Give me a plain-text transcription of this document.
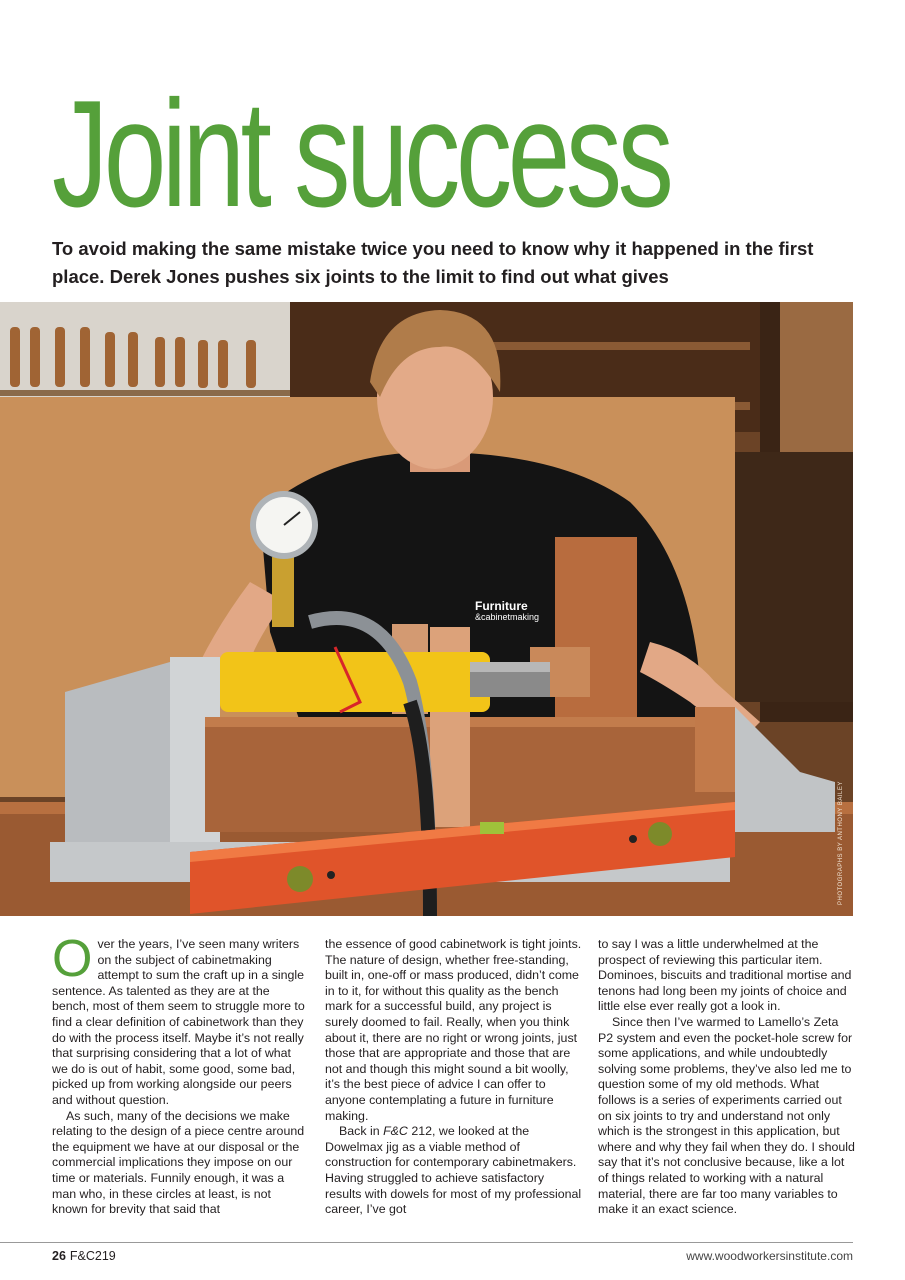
Joint success

To avoid making the same mistake twice you need to know why it happened in the first place. Derek Jones pushes six joints to the limit to find out what gives

Furniture
&cabinetmaking
PHOTOGRAPHS BY ANTHONY BAILEY

Over the years, I’ve seen many writers on the subject of cabinetmaking attempt to sum the craft up in a single sentence. As talented as they are at the bench, most of them seem to struggle more to find a clear definition of cabinetwork than they do with the process itself. Maybe it’s not really that surprising considering that a lot of what we do is out of habit, some good, some bad, picked up from working alongside our peers and without question.

As such, many of the decisions we make relating to the design of a piece centre around the equipment we have at our disposal or the commercial implications they impose on our time or materials. Funnily enough, it was a man who, in these circles at least, is not known for brevity that said that

the essence of good cabinetwork is tight joints. The nature of design, whether free-standing, built in, one-off or mass produced, didn’t come in to it, for without this quality as the bench mark for a successful build, any project is surely doomed to fail. Really, when you think about it, there are no right or wrong joints, just those that are appropriate and those that are not and though this might sound a bit woolly, it’s the best piece of advice I can offer to anyone contemplating a future in furniture making.

Back in F&C 212, we looked at the Dowelmax jig as a viable method of construction for contemporary cabinetmakers. Having struggled to achieve satisfactory results with dowels for most of my professional career, I’ve got

to say I was a little underwhelmed at the prospect of reviewing this particular item. Dominoes, biscuits and traditional mortise and tenons had long been my joints of choice and little else ever really got a look in.

Since then I’ve warmed to Lamello’s Zeta P2 system and even the pocket-hole screw for some applications, and while undoubtedly solving some problems, they’ve also led me to question some of my old methods. What follows is a series of experiments carried out on six joints to try and understand not only which is the strongest in this application, but where and why they fail when they do. I should say that it’s not conclusive because, like a lot of things related to working with a natural material, there are far too many variables to make it an exact science.

26 F&C219	www.woodworkersinstitute.com
